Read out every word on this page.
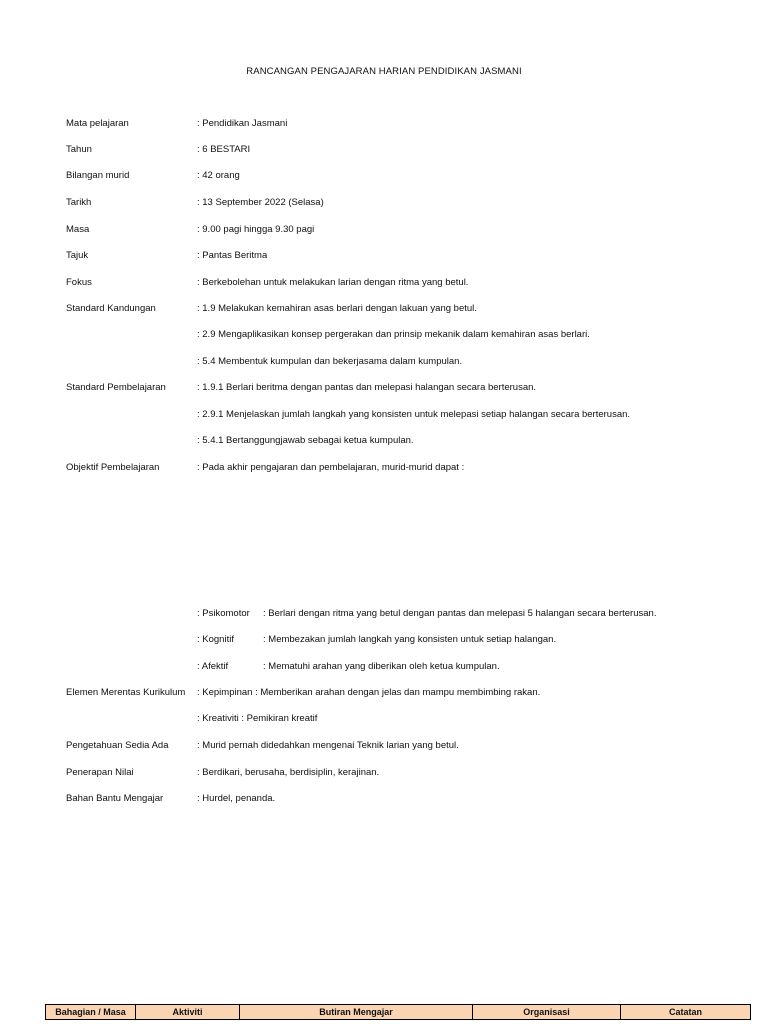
RANCANGAN PENGAJARAN HARIAN PENDIDIKAN JASMANI
Mata pelajaran	: Pendidikan Jasmani
Tahun	: 6 BESTARI
Bilangan murid	: 42 orang
Tarikh	: 13 September 2022 (Selasa)
Masa	: 9.00 pagi hingga 9.30 pagi
Tajuk	: Pantas Beritma
Fokus	: Berkebolehan untuk melakukan larian dengan ritma yang betul.
Standard Kandungan	: 1.9 Melakukan kemahiran asas berlari dengan lakuan yang betul.
: 2.9 Mengaplikasikan konsep pergerakan dan prinsip mekanik dalam kemahiran asas berlari.
: 5.4 Membentuk kumpulan dan bekerjasama dalam kumpulan.
Standard Pembelajaran	: 1.9.1 Berlari beritma dengan pantas dan melepasi halangan secara berterusan.
: 2.9.1 Menjelaskan jumlah langkah yang konsisten untuk melepasi setiap halangan secara berterusan.
: 5.4.1 Bertanggungjawab sebagai ketua kumpulan.
Objektif Pembelajaran	: Pada akhir pengajaran dan pembelajaran, murid-murid dapat :
: Psikomotor : Berlari dengan ritma yang betul dengan pantas dan melepasi 5 halangan secara berterusan.
: Kognitif	: Membezakan jumlah langkah yang konsisten untuk setiap halangan.
: Afektif	: Mematuhi arahan yang diberikan oleh ketua kumpulan.
Elemen Merentas Kurikulum : Kepimpinan : Memberikan arahan dengan jelas dan mampu membimbing rakan.
: Kreativiti : Pemikiran kreatif
Pengetahuan Sedia Ada	: Murid pernah didedahkan mengenai Teknik larian yang betul.
Penerapan Nilai	: Berdikari, berusaha, berdisiplin, kerajinan.
Bahan Bantu Mengajar	: Hurdel, penanda.
Bahagian / Masa	Aktiviti	Butiran Mengajar	Organisasi	Catatan
